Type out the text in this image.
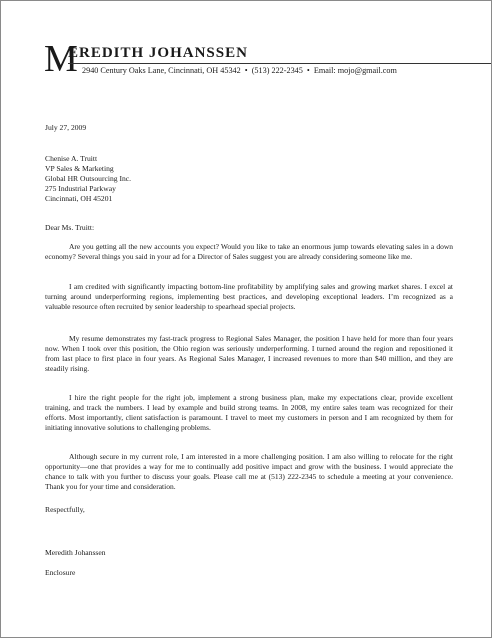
M
EREDITH JOHANSSEN
2940 Century Oaks Lane, Cincinnati, OH 45342 • (513) 222-2345 • Email: mojo@gmail.com
July 27, 2009
Chenise A. Truitt
VP Sales & Marketing
Global HR Outsourcing Inc.
275 Industrial Parkway
Cincinnati, OH 45201
Dear Ms. Truitt:

Are you getting all the new accounts you expect? Would you like to take an enormous jump towards elevating sales in a down economy? Several things you said in your ad for a Director of Sales suggest you are already considering someone like me.

I am credited with significantly impacting bottom-line profitability by amplifying sales and growing market shares. I excel at turning around underperforming regions, implementing best practices, and developing exceptional leaders. I’m recognized as a valuable resource often recruited by senior leadership to spearhead special projects.

My resume demonstrates my fast-track progress to Regional Sales Manager, the position I have held for more than four years now. When I took over this position, the Ohio region was seriously underperforming. I turned around the region and repositioned it from last place to first place in four years. As Regional Sales Manager, I increased revenues to more than $40 million, and they are steadily rising.

I hire the right people for the right job, implement a strong business plan, make my expectations clear, provide excellent training, and track the numbers. I lead by example and build strong teams. In 2008, my entire sales team was recognized for their efforts. Most importantly, client satisfaction is paramount. I travel to meet my customers in person and I am recognized by them for initiating innovative solutions to challenging problems.

Although secure in my current role, I am interested in a more challenging position. I am also willing to relocate for the right opportunity—one that provides a way for me to continually add positive impact and grow with the business. I would appreciate the chance to talk with you further to discuss your goals. Please call me at (513) 222-2345 to schedule a meeting at your convenience. Thank you for your time and consideration.

Respectfully,
Meredith Johanssen
Enclosure
